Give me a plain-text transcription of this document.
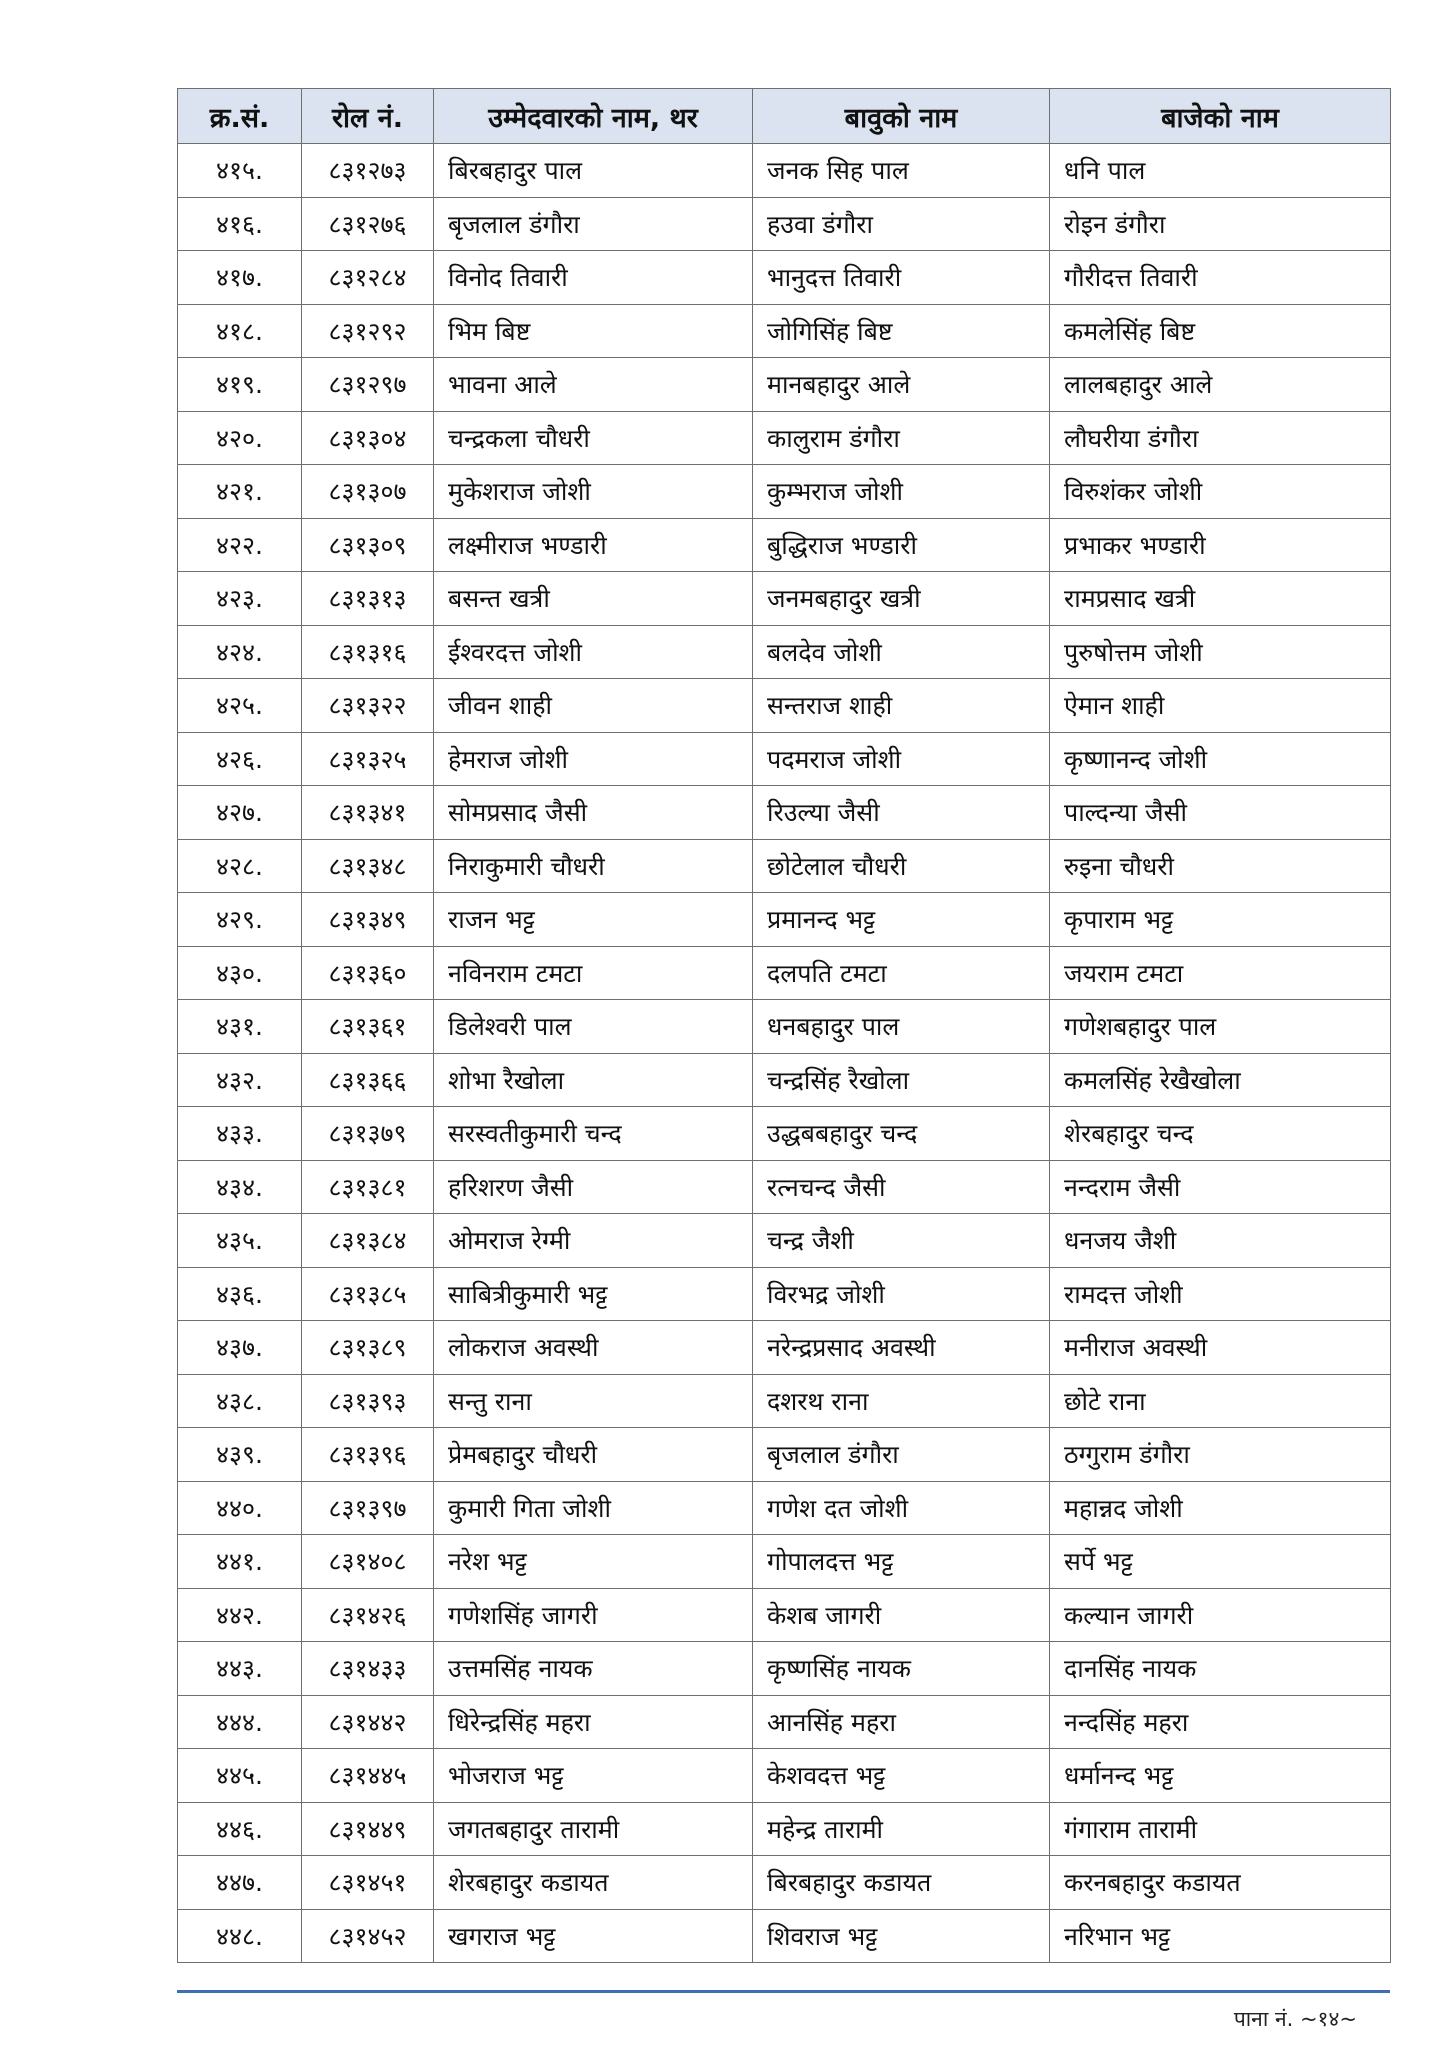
क्र.सं.	रोल नं.	उम्मेदवारको नाम, थर	बावुको नाम	बाजेको नाम
४१५.	८३१२७३	बिरबहादुर पाल	जनक सिह पाल	धनि पाल
४१६.	८३१२७६	बृजलाल डंगौरा	हउवा डंगौरा	रोइन डंगौरा
४१७.	८३१२८४	विनोद तिवारी	भानुदत्त तिवारी	गौरीदत्त तिवारी
४१८.	८३१२९२	भिम बिष्ट	जोगिसिंह बिष्ट	कमलेसिंह बिष्ट
४१९.	८३१२९७	भावना आले	मानबहादुर आले	लालबहादुर आले
४२०.	८३१३०४	चन्द्रकला चौधरी	कालुराम डंगौरा	लौघरीया डंगौरा
४२१.	८३१३०७	मुकेशराज जोशी	कुम्भराज जोशी	विरुशंकर जोशी
४२२.	८३१३०९	लक्ष्मीराज भण्डारी	बुद्धिराज भण्डारी	प्रभाकर भण्डारी
४२३.	८३१३१३	बसन्त खत्री	जनमबहादुर खत्री	रामप्रसाद खत्री
४२४.	८३१३१६	ईश्वरदत्त जोशी	बलदेव जोशी	पुरुषोत्तम जोशी
४२५.	८३१३२२	जीवन शाही	सन्तराज शाही	ऐमान शाही
४२६.	८३१३२५	हेमराज जोशी	पदमराज जोशी	कृष्णानन्द जोशी
४२७.	८३१३४१	सोमप्रसाद जैसी	रिउल्या जैसी	पाल्दन्या जैसी
४२८.	८३१३४८	निराकुमारी चौधरी	छोटेलाल चौधरी	रुइना चौधरी
४२९.	८३१३४९	राजन भट्ट	प्रमानन्द भट्ट	कृपाराम भट्ट
४३०.	८३१३६०	नविनराम टमटा	दलपति टमटा	जयराम टमटा
४३१.	८३१३६१	डिलेश्वरी पाल	धनबहादुर पाल	गणेशबहादुर पाल
४३२.	८३१३६६	शोभा रैखोला	चन्द्रसिंह रैखोला	कमलसिंह रेखैखोला
४३३.	८३१३७९	सरस्वतीकुमारी चन्द	उद्धबबहादुर चन्द	शेरबहादुर चन्द
४३४.	८३१३८१	हरिशरण जैसी	रत्नचन्द जैसी	नन्दराम जैसी
४३५.	८३१३८४	ओमराज रेग्मी	चन्द्र जैशी	धनजय जैशी
४३६.	८३१३८५	साबित्रीकुमारी भट्ट	विरभद्र जोशी	रामदत्त जोशी
४३७.	८३१३८९	लोकराज अवस्थी	नरेन्द्रप्रसाद अवस्थी	मनीराज अवस्थी
४३८.	८३१३९३	सन्तु राना	दशरथ राना	छोटे राना
४३९.	८३१३९६	प्रेमबहादुर चौधरी	बृजलाल डंगौरा	ठग्गुराम डंगौरा
४४०.	८३१३९७	कुमारी गिता जोशी	गणेश दत जोशी	महान्नद जोशी
४४१.	८३१४०८	नरेश भट्ट	गोपालदत्त भट्ट	सर्पे भट्ट
४४२.	८३१४२६	गणेशसिंह जागरी	केशब जागरी	कल्यान जागरी
४४३.	८३१४३३	उत्तमसिंह नायक	कृष्णसिंह नायक	दानसिंह नायक
४४४.	८३१४४२	धिरेन्द्रसिंह महरा	आनसिंह महरा	नन्दसिंह महरा
४४५.	८३१४४५	भोजराज भट्ट	केशवदत्त भट्ट	धर्मानन्द भट्ट
४४६.	८३१४४९	जगतबहादुर तारामी	महेन्द्र तारामी	गंगाराम तारामी
४४७.	८३१४५१	शेरबहादुर कडायत	बिरबहादुर कडायत	करनबहादुर कडायत
४४८.	८३१४५२	खगराज भट्ट	शिवराज भट्ट	नरिभान भट्ट
पाना नं. ~१४~
